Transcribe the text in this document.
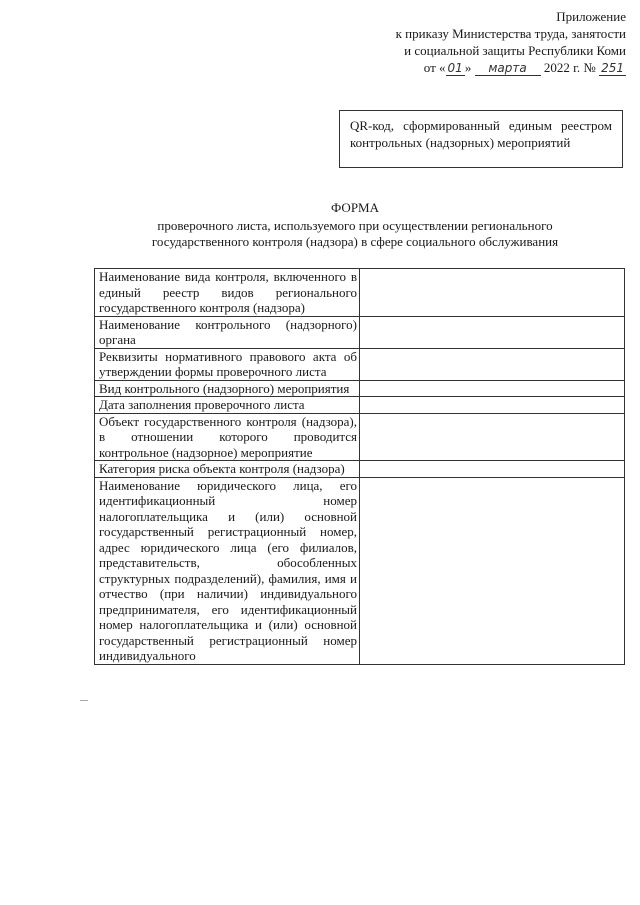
Приложение
к приказу Министерства труда, занятости
и социальной защиты Республики Коми
от « 01 » марта 2022 г. № 251
QR-код, сформированный единым реестром контрольных (надзорных) мероприятий
ФОРМА
проверочного листа, используемого при осуществлении регионального
государственного контроля (надзора) в сфере социального обслуживания
Наименование вида контроля, включенного в единый реестр видов регионального государственного контроля (надзора)	
Наименование контрольного (надзорного) органа	
Реквизиты нормативного правового акта об утверждении формы проверочного листа	
Вид контрольного (надзорного) мероприятия	
Дата заполнения проверочного листа	
Объект государственного контроля (надзора), в отношении которого проводится контрольное (надзорное) мероприятие	
Категория риска объекта контроля (надзора)	
Наименование юридического лица, его идентификационный номер налогоплательщика и (или) основной государственный регистрационный номер, адрес юридического лица (его филиалов, представительств, обособленных структурных подразделений), фамилия, имя и отчество (при наличии) индивидуального предпринимателя, его идентификационный номер налогоплательщика и (или) основной государственный регистрационный номер индивидуального	
